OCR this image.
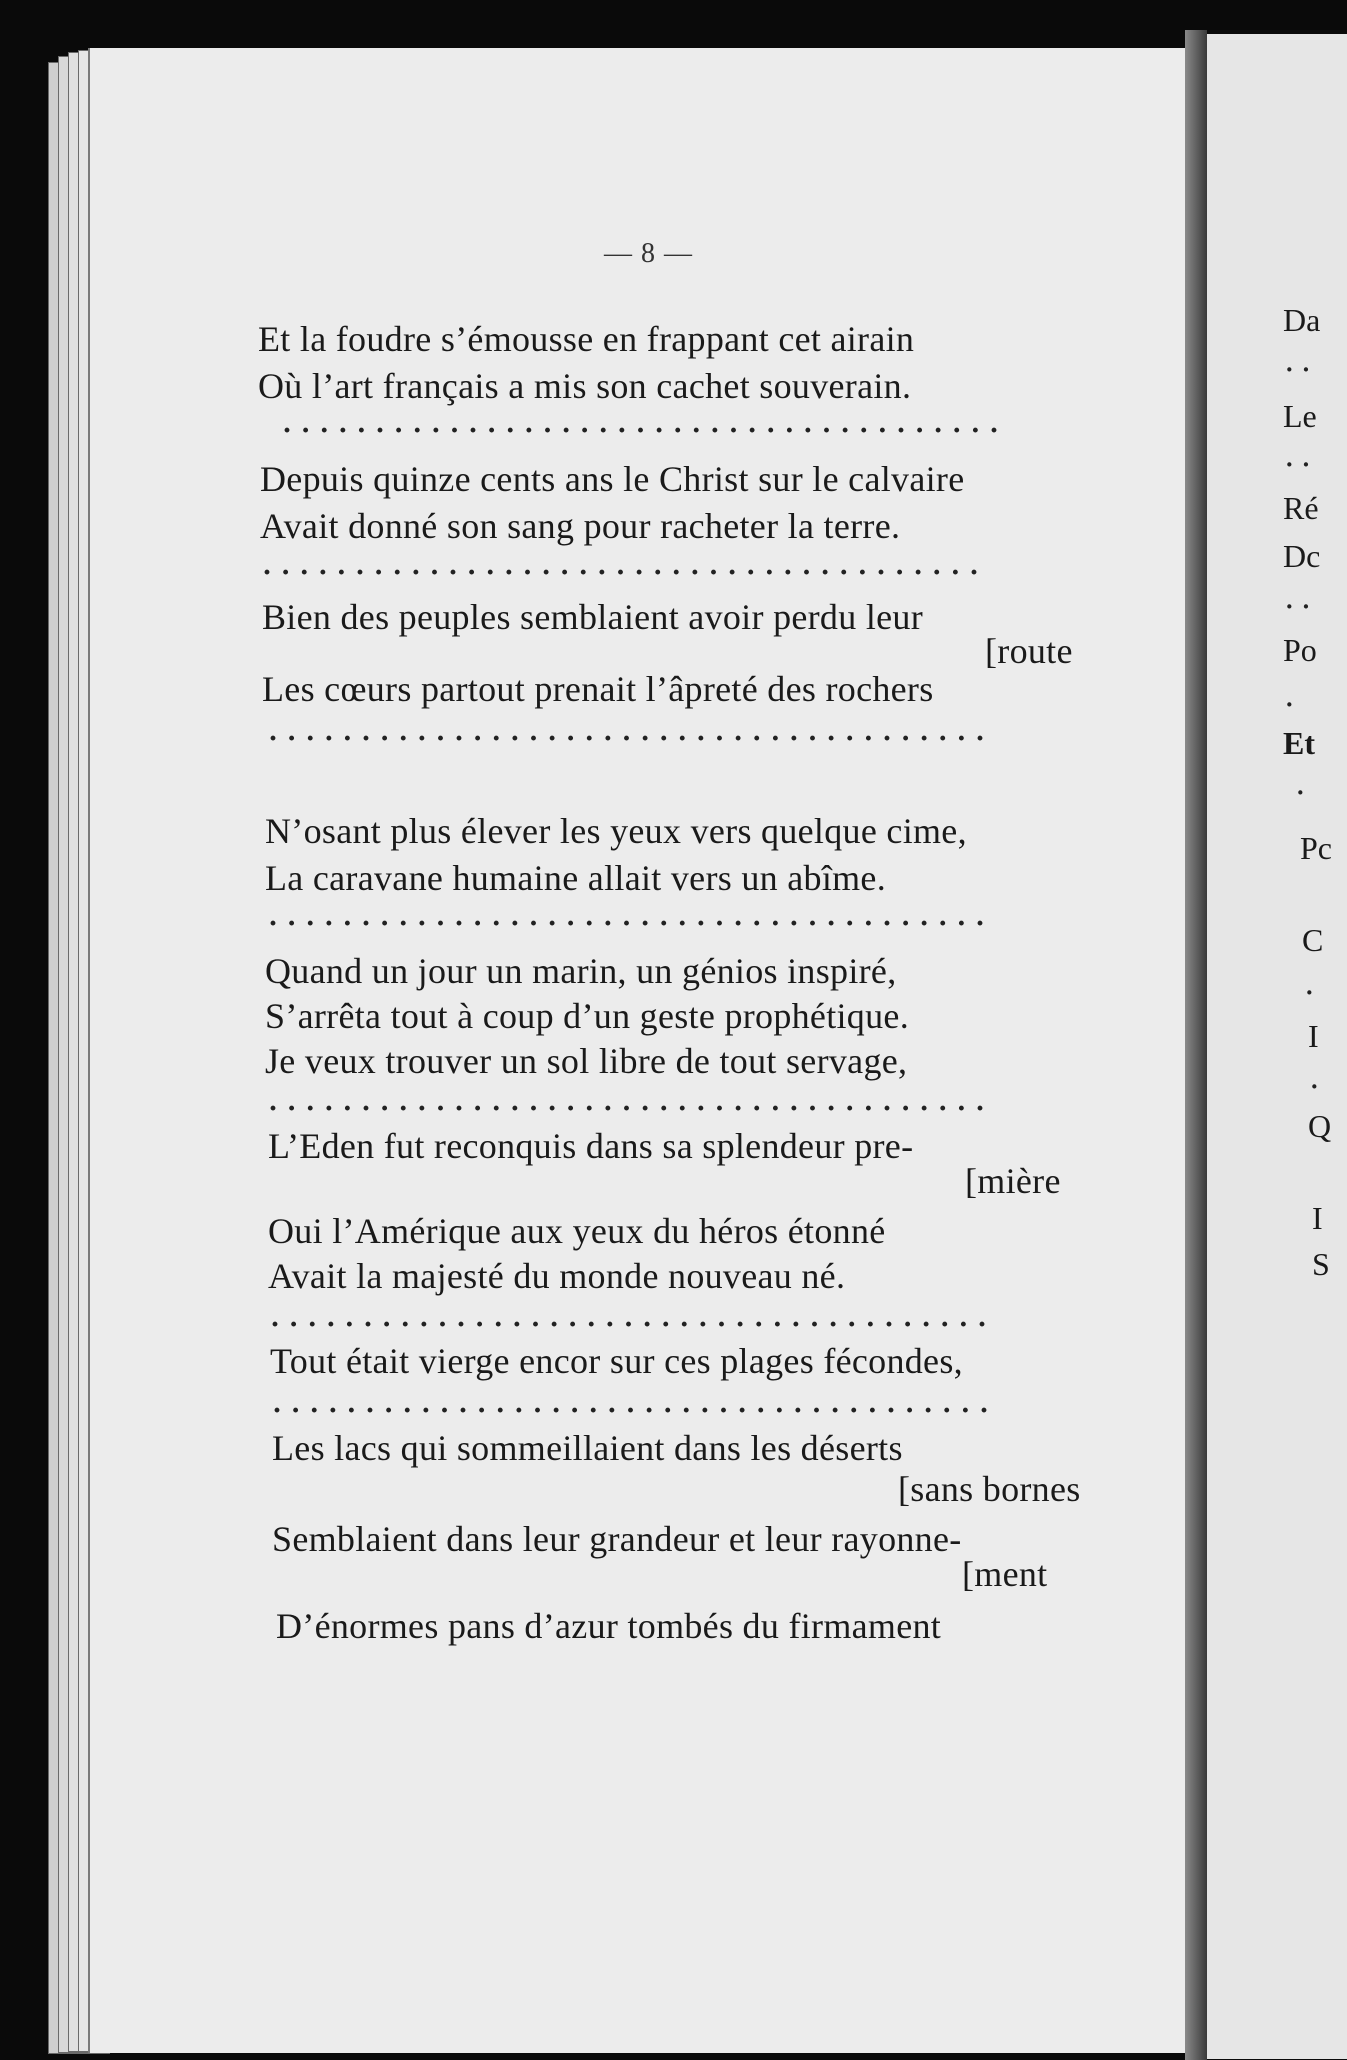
— 8 —
Et la foudre s’émousse en frappant cet airain
Où l’art français a mis son cachet souverain.
·······································
Depuis quinze cents ans le Christ sur le calvaire
Avait donné son sang pour racheter la terre.
·······································
Bien des peuples semblaient avoir perdu leur
[route
Les cœurs partout prenait l’âpreté des rochers
·······································
N’osant plus élever les yeux vers quelque cime,
La caravane humaine allait vers un abîme.
·······································
Quand un jour un marin, un génios inspiré,
S’arrêta tout à coup d’un geste prophétique.
Je veux trouver un sol libre de tout servage,
·······································
L’Eden fut reconquis dans sa splendeur pre-
[mière
Oui l’Amérique aux yeux du héros étonné
Avait la majesté du monde nouveau né.
·······································
Tout était vierge encor sur ces plages fécondes,
·······································
Les lacs qui sommeillaient dans les déserts
[sans bornes
Semblaient dans leur grandeur et leur rayonne-
[ment
D’énormes pans d’azur tombés du firmament
Da
··
Le
··
Ré
Dc
··
Po
·
Et
·
Pc
C
·
I
·
Q
I
S
